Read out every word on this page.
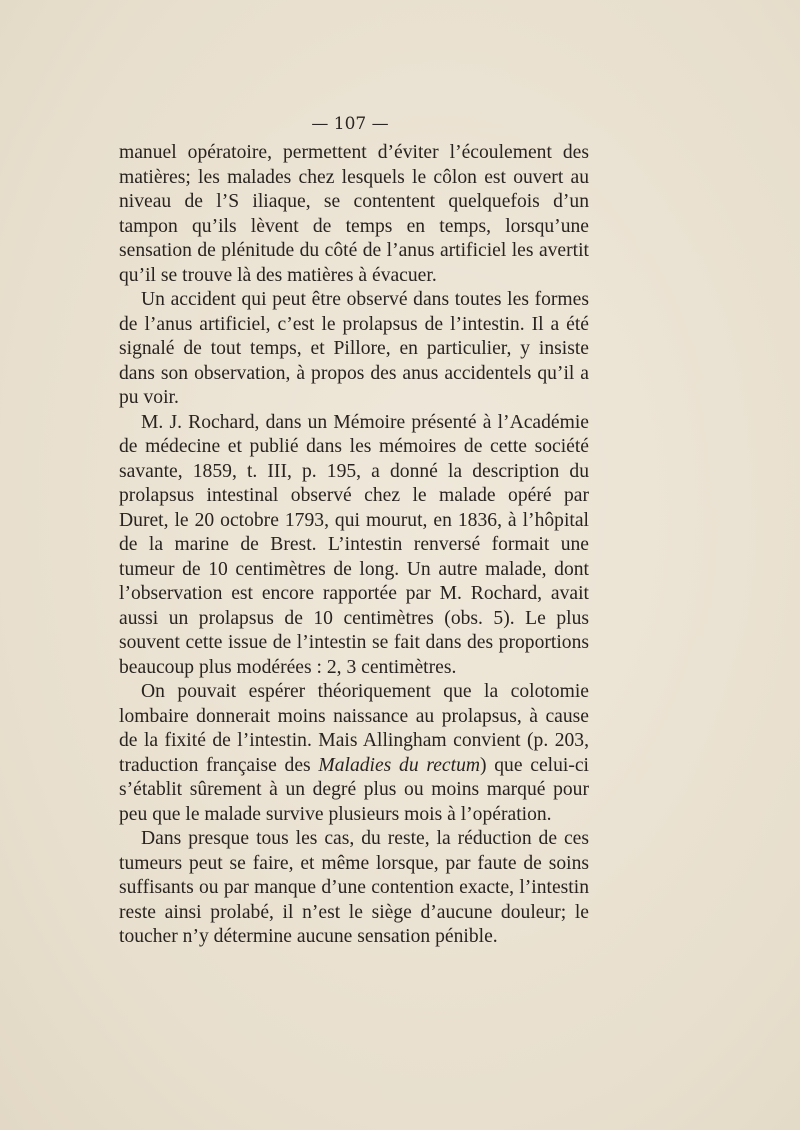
— 107 —

manuel opératoire, permettent d’éviter l’écoulement des matières; les malades chez lesquels le côlon est ouvert au niveau de l’S iliaque, se contentent quelquefois d’un tampon qu’ils lèvent de temps en temps, lorsqu’une sensation de plénitude du côté de l’anus artificiel les avertit qu’il se trouve là des matières à évacuer.

Un accident qui peut être observé dans toutes les formes de l’anus artificiel, c’est le prolapsus de l’intestin. Il a été signalé de tout temps, et Pillore, en particulier, y insiste dans son observation, à propos des anus accidentels qu’il a pu voir.

M. J. Rochard, dans un Mémoire présenté à l’Académie de médecine et publié dans les mémoires de cette société savante, 1859, t. III, p. 195, a donné la description du prolapsus intestinal observé chez le malade opéré par Duret, le 20 octobre 1793, qui mourut, en 1836, à l’hôpital de la marine de Brest. L’intestin renversé formait une tumeur de 10 centimètres de long. Un autre malade, dont l’observation est encore rapportée par M. Rochard, avait aussi un prolapsus de 10 centimètres (obs. 5). Le plus souvent cette issue de l’intestin se fait dans des proportions beaucoup plus modérées : 2, 3 centimètres.

On pouvait espérer théoriquement que la colotomie lombaire donnerait moins naissance au prolapsus, à cause de la fixité de l’intestin. Mais Allingham convient (p. 203, traduction française des Maladies du rectum) que celui-ci s’établit sûrement à un degré plus ou moins marqué pour peu que le malade survive plusieurs mois à l’opération.

Dans presque tous les cas, du reste, la réduction de ces tumeurs peut se faire, et même lorsque, par faute de soins suffisants ou par manque d’une contention exacte, l’intestin reste ainsi prolabé, il n’est le siège d’aucune douleur; le toucher n’y détermine aucune sensation pénible.
